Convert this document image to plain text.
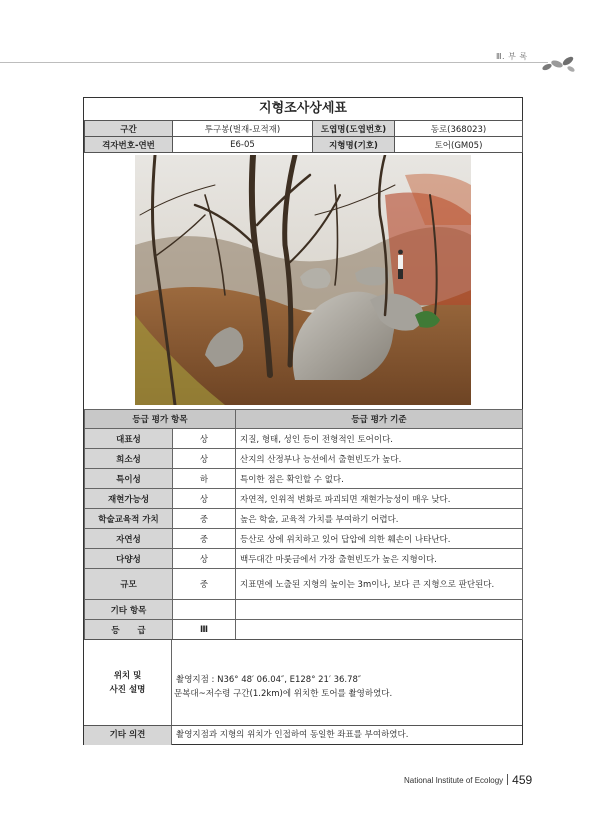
Ⅲ. 부 록
지형조사상세표
구간	투구봉(벌재-묘적재)	도엽명(도엽번호)	동로(368023)
격자번호-연번	E6-05	지형명(기호)	토어(GM05)
등급 평가 항목		등급 평가 기준
대표성	상	지질, 형태, 성인 등이 전형적인 토어이다.
희소성	상	산지의 산정부나 능선에서 출현빈도가 높다.
특이성	하	특이한 점은 확인할 수 없다.
재현가능성	상	자연적, 인위적 변화로 파괴되면 재현가능성이 매우 낮다.
학술교육적 가치	중	높은 학술, 교육적 가치를 부여하기 어렵다.
자연성	중	등산로 상에 위치하고 있어 답압에 의한 훼손이 나타난다.
다양성	상	백두대간 마룻금에서 가장 출현빈도가 높은 지형이다.
규모	중	지표면에 노출된 지형의 높이는 3m이나, 보다 큰 지형으로 판단된다.
기타 항목		
등      급	Ⅲ	
위치 및
사진 설명
촬영지점 : N36° 48′ 06.04″, E128° 21′ 36.78″
문복대~저수령 구간(1.2km)에 위치한 토어를 촬영하였다.
기타 의견	촬영지점과 지형의 위치가 인접하여 동일한 좌표를 부여하였다.
National Institute of Ecology 459
